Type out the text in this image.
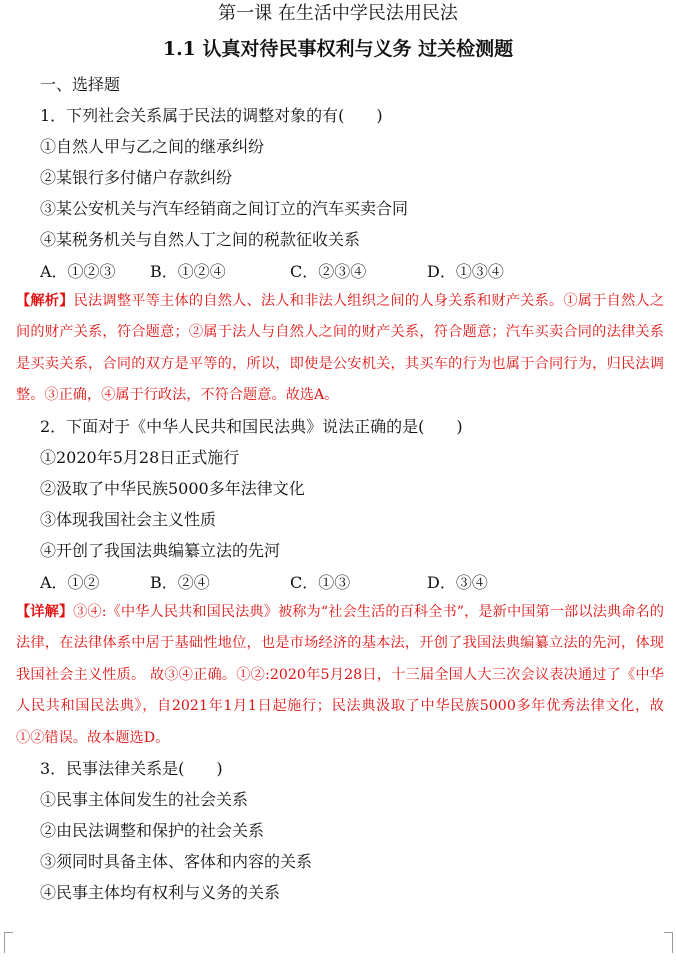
第一课 在生活中学民法用民法
1.1 认真对待民事权利与义务 过关检测题
一、选择题
1．下列社会关系属于民法的调整对象的有(　　)
①自然人甲与乙之间的继承纠纷
②某银行多付储户存款纠纷
③某公安机关与汽车经销商之间订立的汽车买卖合同
④某税务机关与自然人丁之间的税款征收关系
A．①②③ B．①②④	C．②③④	D．①③④
【解析】民法调整平等主体的自然人、法人和非法人组织之间的人身关系和财产关系。①属于自然人之间的财产关系，符合题意；②属于法人与自然人之间的财产关系，符合题意；汽车买卖合同的法律关系是买卖关系，合同的双方是平等的，所以，即使是公安机关，其买车的行为也属于合同行为，归民法调整。③正确，④属于行政法，不符合题意。故选A。
2．下面对于《中华人民共和国民法典》说法正确的是(　　)
①2020年5月28日正式施行
②汲取了中华民族5000多年法律文化
③体现我国社会主义性质
④开创了我国法典编纂立法的先河
A．①②	B．②④	C．①③	D．③④
【详解】③④:《中华人民共和国民法典》被称为“社会生活的百科全书”，是新中国第一部以法典命名的法律，在法律体系中居于基础性地位，也是市场经济的基本法，开创了我国法典编纂立法的先河，体现我国社会主义性质。 故③④正确。①②:2020年5月28日，十三届全国人大三次会议表决通过了《中华人民共和国民法典》，自2021年1月1日起施行；民法典汲取了中华民族5000多年优秀法律文化，故①②错误。故本题选D。
3．民事法律关系是(　　)
①民事主体间发生的社会关系
②由民法调整和保护的社会关系
③须同时具备主体、客体和内容的关系
④民事主体均有权利与义务的关系
